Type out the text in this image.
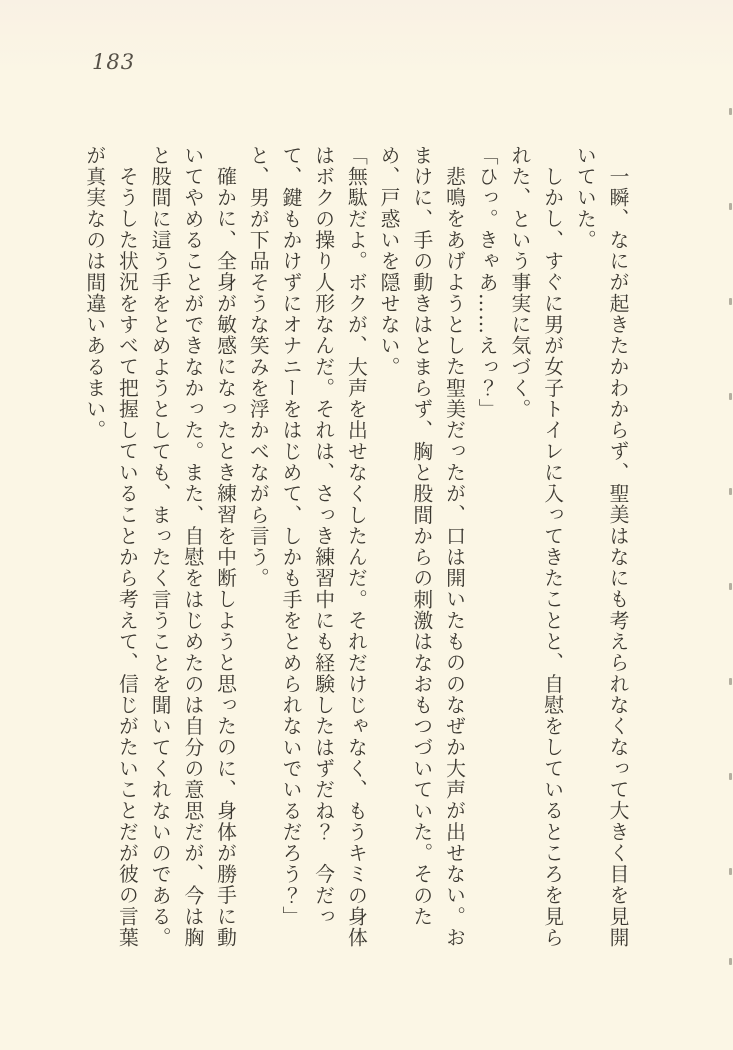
183

一瞬、なにが起きたかわからず、聖美はなにも考えられなくなって大きく目を見開いていた。

しかし、すぐに男が女子トイレに入ってきたことと、自慰をしているところを見られた、という事実に気づく。

「ひっ。きゃあ……えっ？」

悲鳴をあげようとした聖美だったが、口は開いたもののなぜか大声が出せない。おまけに、手の動きはとまらず、胸と股間からの刺激はなおもつづいていた。そのため、戸惑いを隠せない。

「無駄だよ。ボクが、大声を出せなくしたんだ。それだけじゃなく、もうキミの身体はボクの操り人形なんだ。それは、さっき練習中にも経験したはずだね？　今だって、鍵もかけずにオナニーをはじめて、しかも手をとめられないでいるだろう？」

と、男が下品そうな笑みを浮かべながら言う。

確かに、全身が敏感になったとき練習を中断しようと思ったのに、身体が勝手に動いてやめることができなかった。また、自慰をはじめたのは自分の意思だが、今は胸と股間に這う手をとめようとしても、まったく言うことを聞いてくれないのである。

そうした状況をすべて把握していることから考えて、信じがたいことだが彼の言葉が真実なのは間違いあるまい。
